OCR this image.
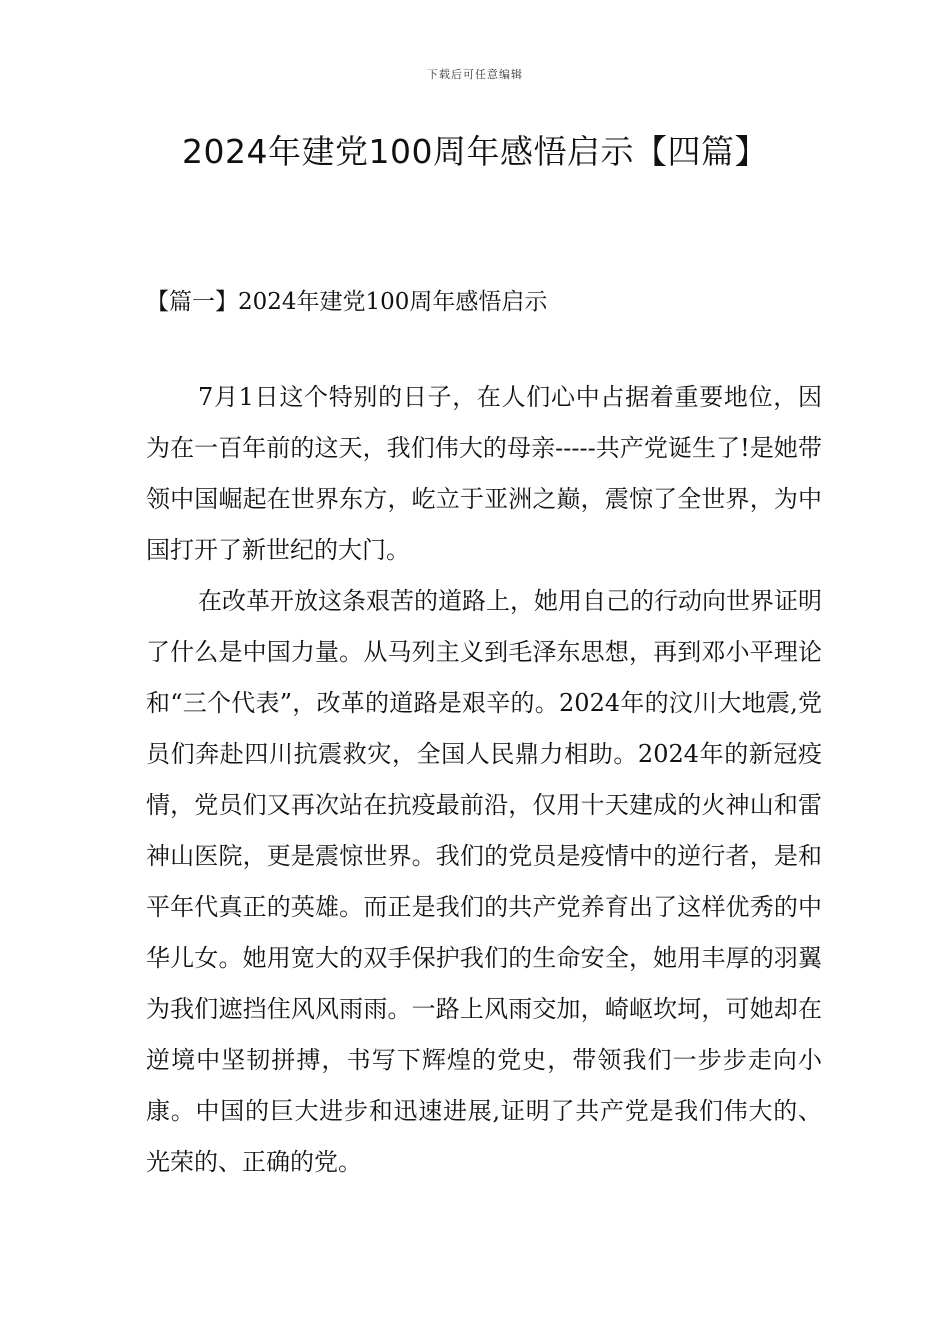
下载后可任意编辑
2024年建党100周年感悟启示【四篇】
【篇一】2024年建党100周年感悟启示

7月1日这个特别的日子，在人们心中占据着重要地位，因为在一百年前的这天，我们伟大的母亲-----共产党诞生了!是她带领中国崛起在世界东方，屹立于亚洲之巅，震惊了全世界，为中国打开了新世纪的大门。

在改革开放这条艰苦的道路上，她用自己的行动向世界证明了什么是中国力量。从马列主义到毛泽东思想，再到邓小平理论和“三个代表”，改革的道路是艰辛的。2024年的汶川大地震,党员们奔赴四川抗震救灾，全国人民鼎力相助。2024年的新冠疫情，党员们又再次站在抗疫最前沿，仅用十天建成的火神山和雷神山医院，更是震惊世界。我们的党员是疫情中的逆行者，是和平年代真正的英雄。而正是我们的共产党养育出了这样优秀的中华儿女。她用宽大的双手保护我们的生命安全，她用丰厚的羽翼为我们遮挡住风风雨雨。一路上风雨交加，崎岖坎坷，可她却在逆境中坚韧拼搏，书写下辉煌的党史，带领我们一步步走向小康。中国的巨大进步和迅速进展,证明了共产党是我们伟大的、光荣的、正确的党。
